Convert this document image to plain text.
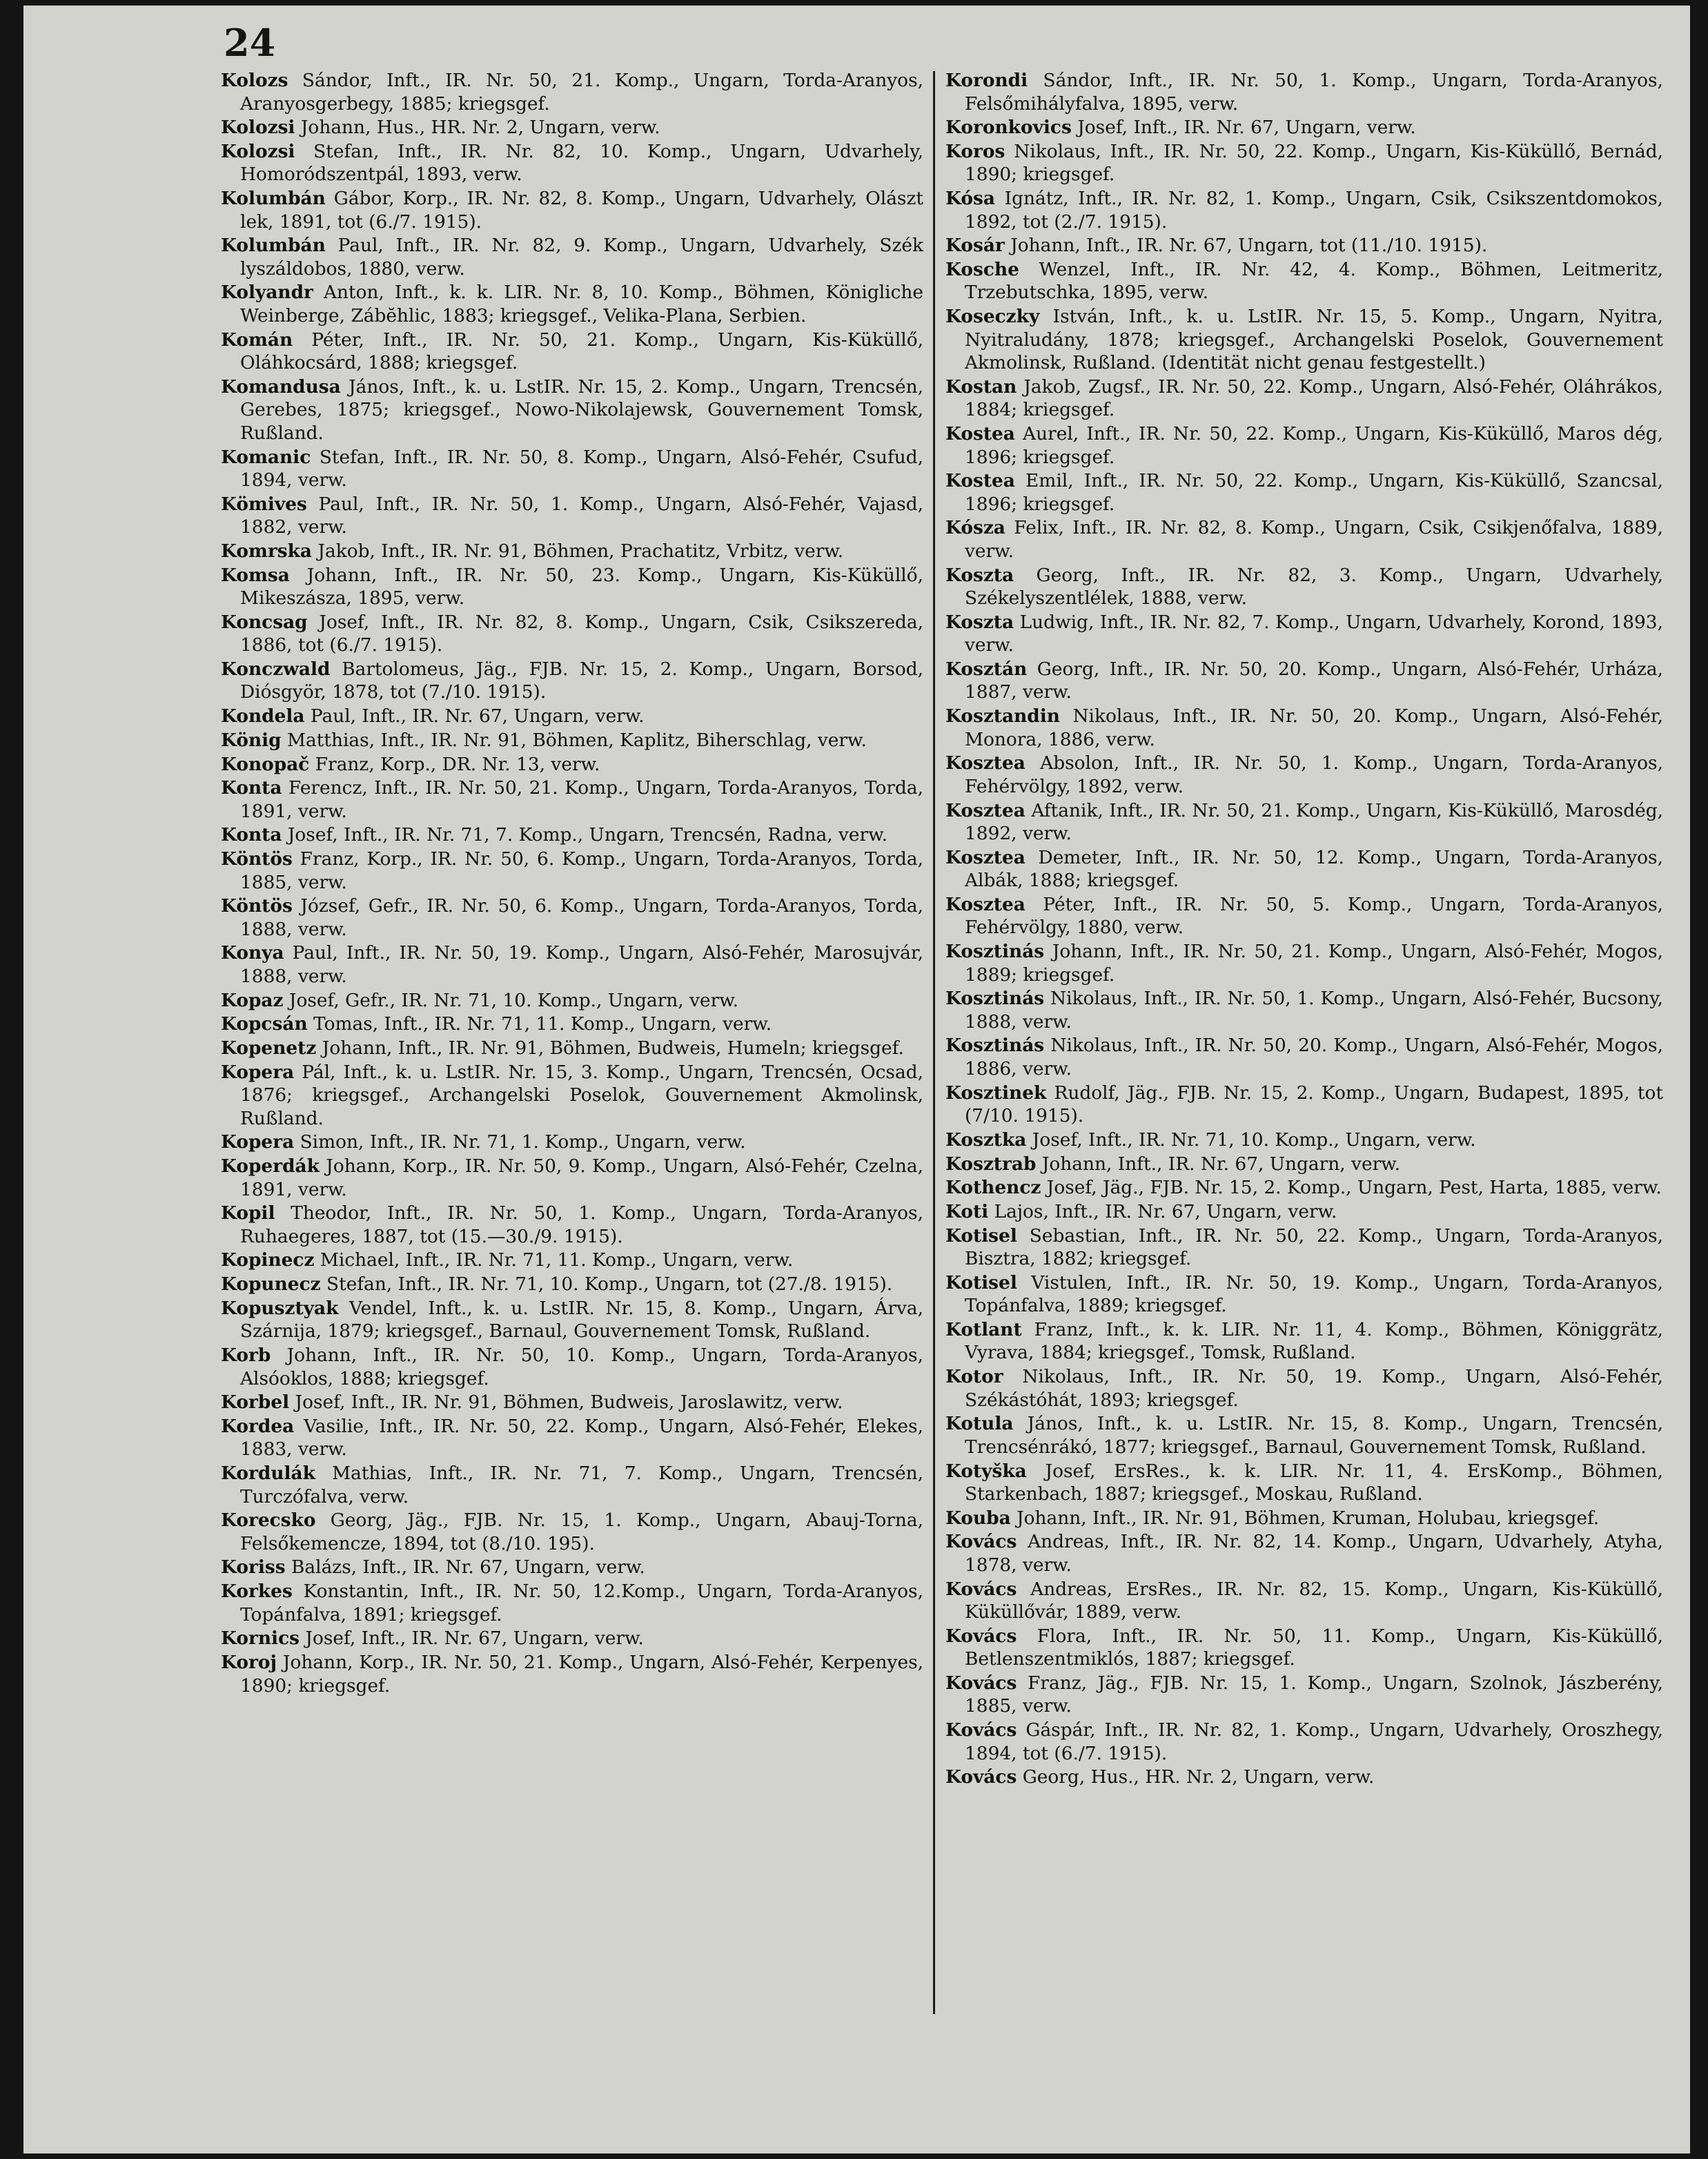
24

Kolozs Sándor, Inft., IR. Nr. 50, 21. Komp., Ungarn, Torda-Aranyos, Aranyosgerbegy, 1885; kriegsgef.

Kolozsi Johann, Hus., HR. Nr. 2, Ungarn, verw.

Kolozsi Stefan, Inft., IR. Nr. 82, 10. Komp., Ungarn, Udvarhely, Homoródszentpál, 1893, verw.

Kolumbán Gábor, Korp., IR. Nr. 82, 8. Komp., Ungarn, Udvarhely, Olászt lek, 1891, tot (6./7. 1915).

Kolumbán Paul, Inft., IR. Nr. 82, 9. Komp., Ungarn, Udvarhely, Szék lyszáldobos, 1880, verw.

Kolyandr Anton, Inft., k. k. LIR. Nr. 8, 10. Komp., Böhmen, Königliche Weinberge, Zábĕhlic, 1883; kriegsgef., Velika-Plana, Serbien.

Komán Péter, Inft., IR. Nr. 50, 21. Komp., Ungarn, Kis-Küküllő, Oláhkocsárd, 1888; kriegsgef.

Komandusa János, Inft., k. u. LstIR. Nr. 15, 2. Komp., Ungarn, Trencsén, Gerebes, 1875; kriegsgef., Nowo-Nikolajewsk, Gouvernement Tomsk, Rußland.

Komanic Stefan, Inft., IR. Nr. 50, 8. Komp., Ungarn, Alsó-Fehér, Csufud, 1894, verw.

Kömives Paul, Inft., IR. Nr. 50, 1. Komp., Ungarn, Alsó-Fehér, Vajasd, 1882, verw.

Komrska Jakob, Inft., IR. Nr. 91, Böhmen, Prachatitz, Vrbitz, verw.

Komsa Johann, Inft., IR. Nr. 50, 23. Komp., Ungarn, Kis-Küküllő, Mikeszásza, 1895, verw.

Koncsag Josef, Inft., IR. Nr. 82, 8. Komp., Ungarn, Csik, Csikszereda, 1886, tot (6./7. 1915).

Konczwald Bartolomeus, Jäg., FJB. Nr. 15, 2. Komp., Ungarn, Borsod, Diósgyör, 1878, tot (7./10. 1915).

Kondela Paul, Inft., IR. Nr. 67, Ungarn, verw.

König Matthias, Inft., IR. Nr. 91, Böhmen, Kaplitz, Biherschlag, verw.

Konopač Franz, Korp., DR. Nr. 13, verw.

Konta Ferencz, Inft., IR. Nr. 50, 21. Komp., Ungarn, Torda-Aranyos, Torda, 1891, verw.

Konta Josef, Inft., IR. Nr. 71, 7. Komp., Ungarn, Trencsén, Radna, verw.

Köntös Franz, Korp., IR. Nr. 50, 6. Komp., Ungarn, Torda-Aranyos, Torda, 1885, verw.

Köntös József, Gefr., IR. Nr. 50, 6. Komp., Ungarn, Torda-Aranyos, Torda, 1888, verw.

Konya Paul, Inft., IR. Nr. 50, 19. Komp., Ungarn, Alsó-Fehér, Marosujvár, 1888, verw.

Kopaz Josef, Gefr., IR. Nr. 71, 10. Komp., Ungarn, verw.

Kopcsán Tomas, Inft., IR. Nr. 71, 11. Komp., Ungarn, verw.

Kopenetz Johann, Inft., IR. Nr. 91, Böhmen, Budweis, Humeln; kriegsgef.

Kopera Pál, Inft., k. u. LstIR. Nr. 15, 3. Komp., Ungarn, Trencsén, Ocsad, 1876; kriegsgef., Archangelski Poselok, Gouvernement Akmolinsk, Rußland.

Kopera Simon, Inft., IR. Nr. 71, 1. Komp., Ungarn, verw.

Koperdák Johann, Korp., IR. Nr. 50, 9. Komp., Ungarn, Alsó-Fehér, Czelna, 1891, verw.

Kopil Theodor, Inft., IR. Nr. 50, 1. Komp., Ungarn, Torda-Aranyos, Ruhaegeres, 1887, tot (15.—30./9. 1915).

Kopinecz Michael, Inft., IR. Nr. 71, 11. Komp., Ungarn, verw.

Kopunecz Stefan, Inft., IR. Nr. 71, 10. Komp., Ungarn, tot (27./8. 1915).

Kopusztyak Vendel, Inft., k. u. LstIR. Nr. 15, 8. Komp., Ungarn, Árva, Szárnija, 1879; kriegsgef., Barnaul, Gouvernement Tomsk, Rußland.

Korb Johann, Inft., IR. Nr. 50, 10. Komp., Ungarn, Torda-Aranyos, Alsóoklos, 1888; kriegsgef.

Korbel Josef, Inft., IR. Nr. 91, Böhmen, Budweis, Jaroslawitz, verw.

Kordea Vasilie, Inft., IR. Nr. 50, 22. Komp., Ungarn, Alsó-Fehér, Elekes, 1883, verw.

Kordulák Mathias, Inft., IR. Nr. 71, 7. Komp., Ungarn, Trencsén, Turczófalva, verw.

Korecsko Georg, Jäg., FJB. Nr. 15, 1. Komp., Ungarn, Abauj-Torna, Felsőkemencze, 1894, tot (8./10. 195).

Koriss Balázs, Inft., IR. Nr. 67, Ungarn, verw.

Korkes Konstantin, Inft., IR. Nr. 50, 12.Komp., Ungarn, Torda-Aranyos, Topánfalva, 1891; kriegsgef.

Kornics Josef, Inft., IR. Nr. 67, Ungarn, verw.

Koroj Johann, Korp., IR. Nr. 50, 21. Komp., Ungarn, Alsó-Fehér, Kerpenyes, 1890; kriegsgef.

Korondi Sándor, Inft., IR. Nr. 50, 1. Komp., Ungarn, Torda-Aranyos, Felsőmihályfalva, 1895, verw.

Koronkovics Josef, Inft., IR. Nr. 67, Ungarn, verw.

Koros Nikolaus, Inft., IR. Nr. 50, 22. Komp., Ungarn, Kis-Küküllő, Bernád, 1890; kriegsgef.

Kósa Ignátz, Inft., IR. Nr. 82, 1. Komp., Ungarn, Csik, Csikszentdomokos, 1892, tot (2./7. 1915).

Kosár Johann, Inft., IR. Nr. 67, Ungarn, tot (11./10. 1915).

Kosche Wenzel, Inft., IR. Nr. 42, 4. Komp., Böhmen, Leitmeritz, Trzebutschka, 1895, verw.

Koseczky István, Inft., k. u. LstIR. Nr. 15, 5. Komp., Ungarn, Nyitra, Nyitraludány, 1878; kriegsgef., Archangelski Poselok, Gouvernement Akmolinsk, Rußland. (Identität nicht genau festgestellt.)

Kostan Jakob, Zugsf., IR. Nr. 50, 22. Komp., Ungarn, Alsó-Fehér, Oláhrákos, 1884; kriegsgef.

Kostea Aurel, Inft., IR. Nr. 50, 22. Komp., Ungarn, Kis-Küküllő, Maros dég, 1896; kriegsgef.

Kostea Emil, Inft., IR. Nr. 50, 22. Komp., Ungarn, Kis-Küküllő, Szancsal, 1896; kriegsgef.

Kósza Felix, Inft., IR. Nr. 82, 8. Komp., Ungarn, Csik, Csikjenőfalva, 1889, verw.

Koszta Georg, Inft., IR. Nr. 82, 3. Komp., Ungarn, Udvarhely, Székelyszentlélek, 1888, verw.

Koszta Ludwig, Inft., IR. Nr. 82, 7. Komp., Ungarn, Udvarhely, Korond, 1893, verw.

Kosztán Georg, Inft., IR. Nr. 50, 20. Komp., Ungarn, Alsó-Fehér, Urháza, 1887, verw.

Kosztandin Nikolaus, Inft., IR. Nr. 50, 20. Komp., Ungarn, Alsó-Fehér, Monora, 1886, verw.

Kosztea Absolon, Inft., IR. Nr. 50, 1. Komp., Ungarn, Torda-Aranyos, Fehérvölgy, 1892, verw.

Kosztea Aftanik, Inft., IR. Nr. 50, 21. Komp., Ungarn, Kis-Küküllő, Marosdég, 1892, verw.

Kosztea Demeter, Inft., IR. Nr. 50, 12. Komp., Ungarn, Torda-Aranyos, Albák, 1888; kriegsgef.

Kosztea Péter, Inft., IR. Nr. 50, 5. Komp., Ungarn, Torda-Aranyos, Fehérvölgy, 1880, verw.

Kosztinás Johann, Inft., IR. Nr. 50, 21. Komp., Ungarn, Alsó-Fehér, Mogos, 1889; kriegsgef.

Kosztinás Nikolaus, Inft., IR. Nr. 50, 1. Komp., Ungarn, Alsó-Fehér, Bucsony, 1888, verw.

Kosztinás Nikolaus, Inft., IR. Nr. 50, 20. Komp., Ungarn, Alsó-Fehér, Mogos, 1886, verw.

Kosztinek Rudolf, Jäg., FJB. Nr. 15, 2. Komp., Ungarn, Budapest, 1895, tot (7/10. 1915).

Kosztka Josef, Inft., IR. Nr. 71, 10. Komp., Ungarn, verw.

Kosztrab Johann, Inft., IR. Nr. 67, Ungarn, verw.

Kothencz Josef, Jäg., FJB. Nr. 15, 2. Komp., Ungarn, Pest, Harta, 1885, verw.

Koti Lajos, Inft., IR. Nr. 67, Ungarn, verw.

Kotisel Sebastian, Inft., IR. Nr. 50, 22. Komp., Ungarn, Torda-Aranyos, Bisztra, 1882; kriegsgef.

Kotisel Vistulen, Inft., IR. Nr. 50, 19. Komp., Ungarn, Torda-Aranyos, Topánfalva, 1889; kriegsgef.

Kotlant Franz, Inft., k. k. LIR. Nr. 11, 4. Komp., Böhmen, Königgrätz, Vyrava, 1884; kriegsgef., Tomsk, Rußland.

Kotor Nikolaus, Inft., IR. Nr. 50, 19. Komp., Ungarn, Alsó-Fehér, Székástóhát, 1893; kriegsgef.

Kotula János, Inft., k. u. LstIR. Nr. 15, 8. Komp., Ungarn, Trencsén, Trencsénrákó, 1877; kriegsgef., Barnaul, Gouvernement Tomsk, Rußland.

Kotyška Josef, ErsRes., k. k. LIR. Nr. 11, 4. ErsKomp., Böhmen, Starkenbach, 1887; kriegsgef., Moskau, Rußland.

Kouba Johann, Inft., IR. Nr. 91, Böhmen, Kruman, Holubau, kriegsgef.

Kovács Andreas, Inft., IR. Nr. 82, 14. Komp., Ungarn, Udvarhely, Atyha, 1878, verw.

Kovács Andreas, ErsRes., IR. Nr. 82, 15. Komp., Ungarn, Kis-Küküllő, Küküllővár, 1889, verw.

Kovács Flora, Inft., IR. Nr. 50, 11. Komp., Ungarn, Kis-Küküllő, Betlenszentmiklós, 1887; kriegsgef.

Kovács Franz, Jäg., FJB. Nr. 15, 1. Komp., Ungarn, Szolnok, Jászberény, 1885, verw.

Kovács Gáspár, Inft., IR. Nr. 82, 1. Komp., Ungarn, Udvarhely, Oroszhegy, 1894, tot (6./7. 1915).

Kovács Georg, Hus., HR. Nr. 2, Ungarn, verw.
